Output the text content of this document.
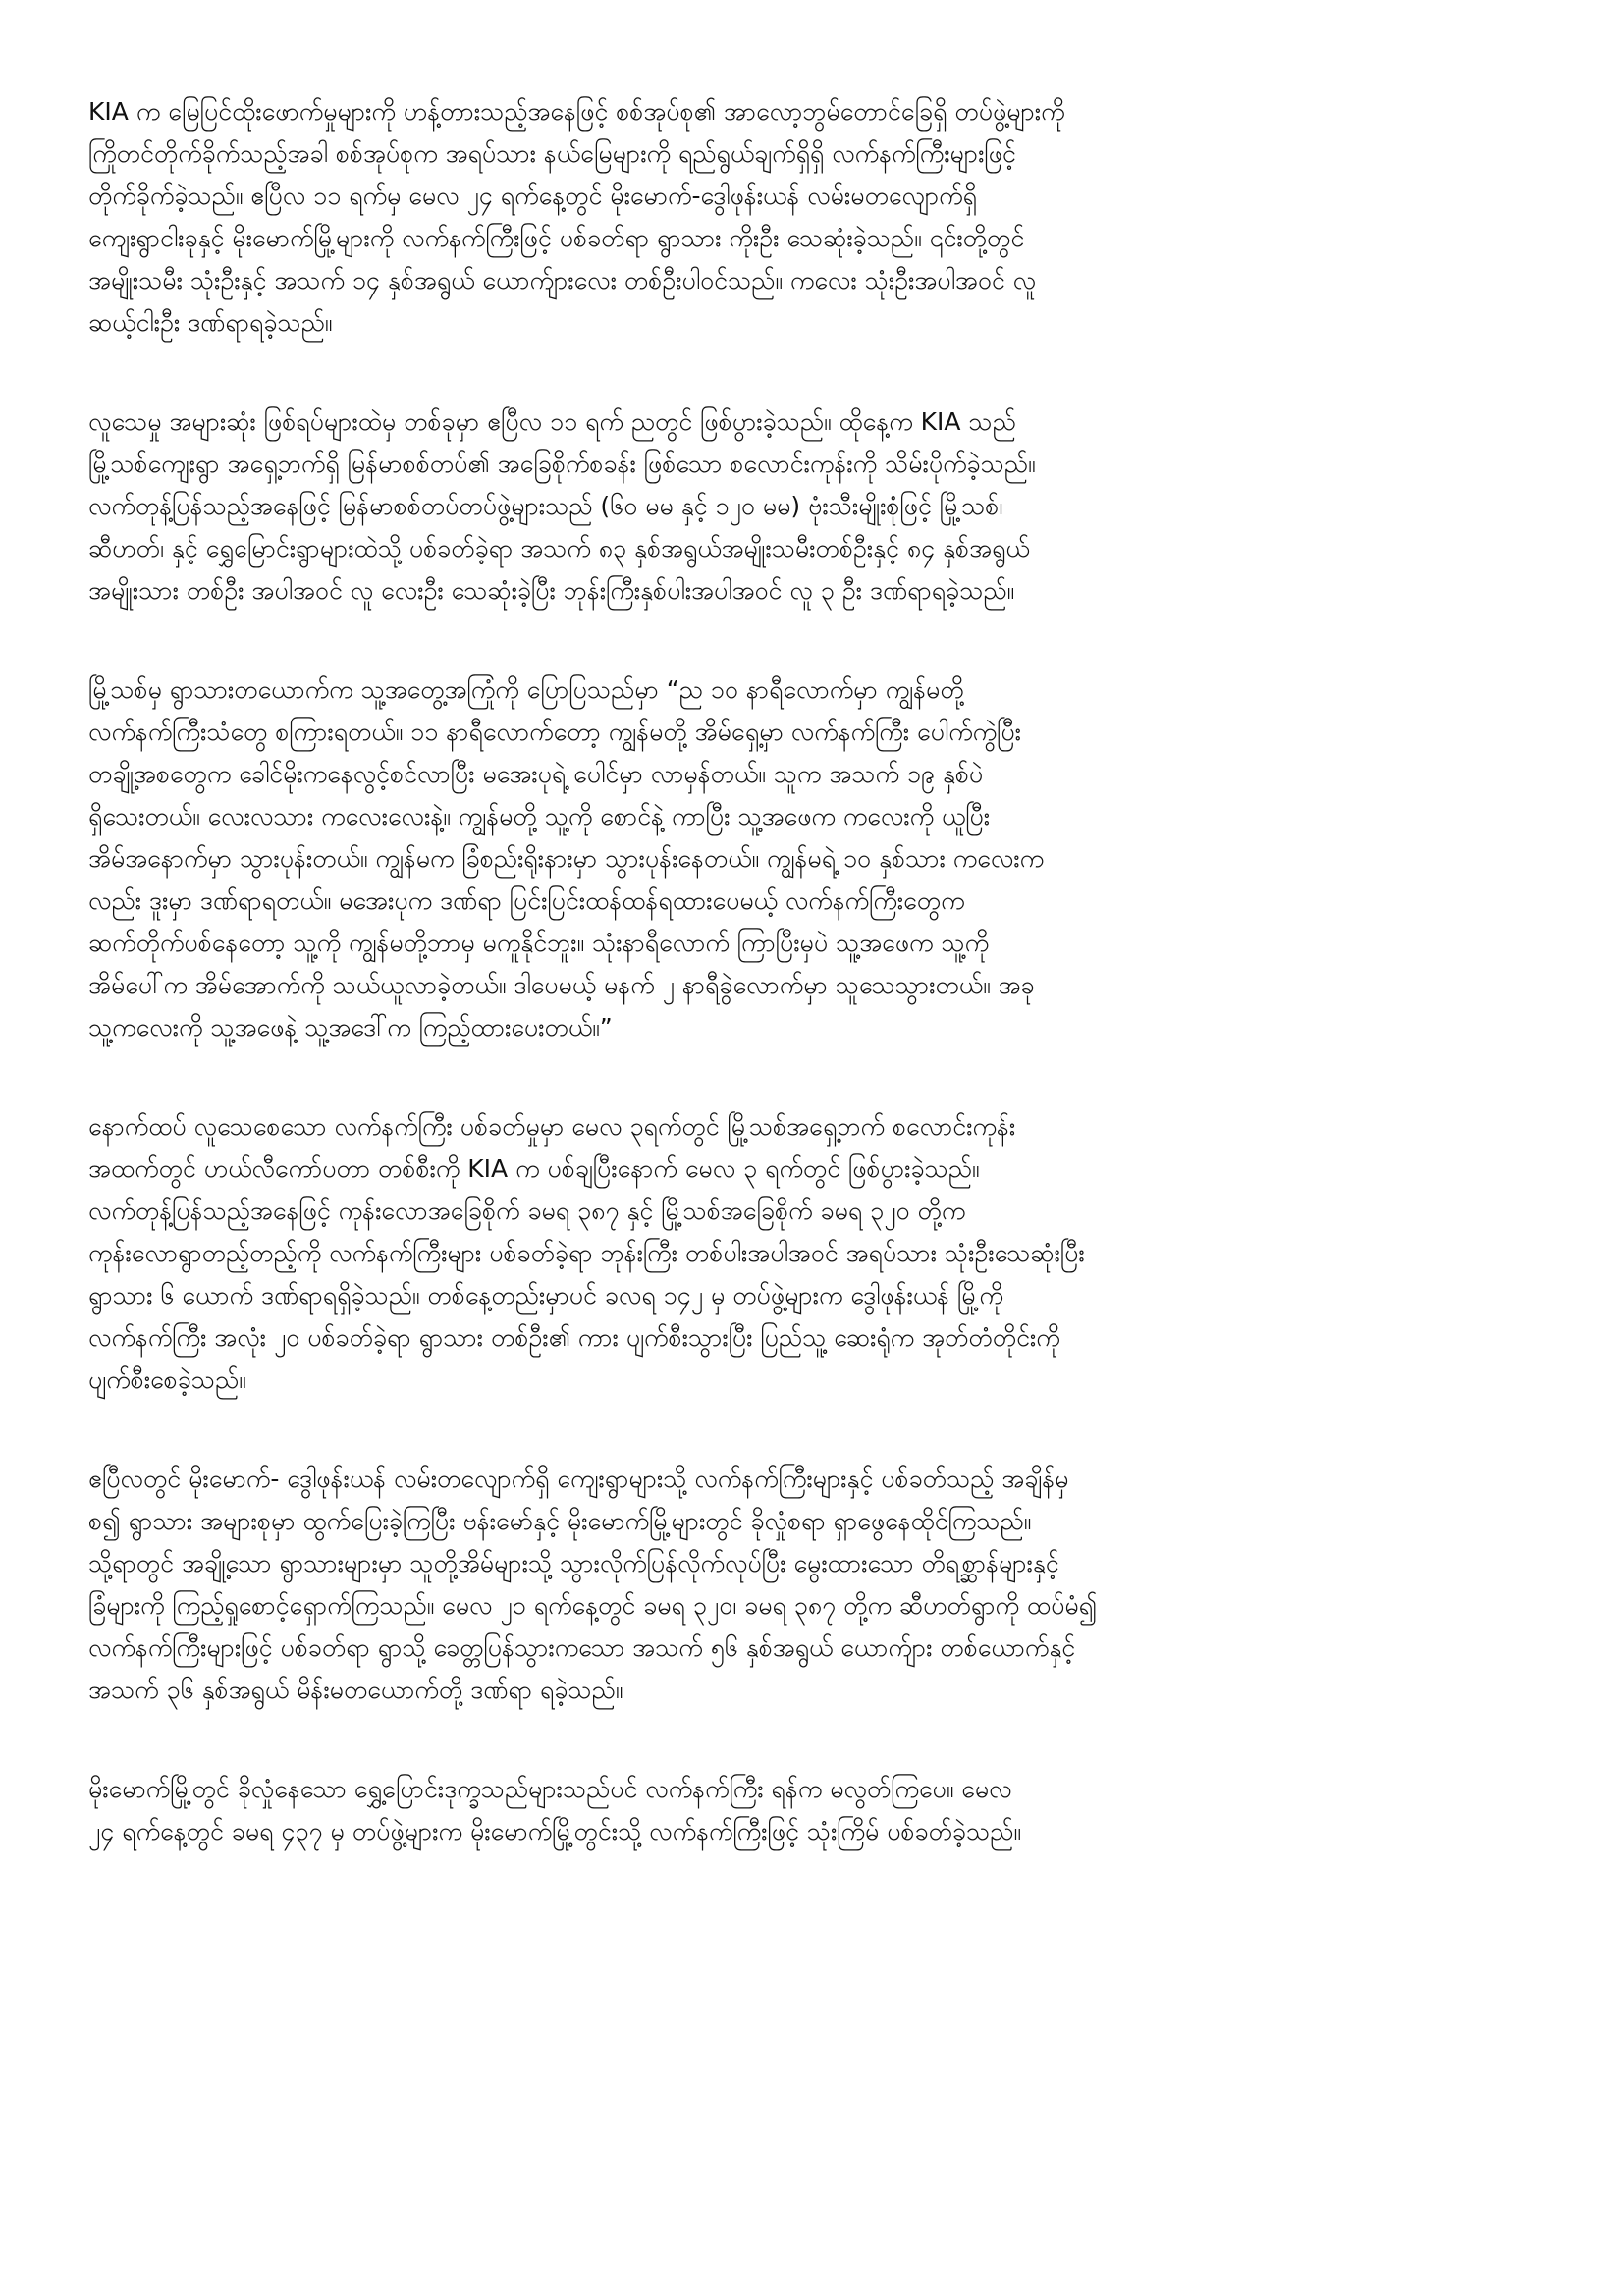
KIA က မြေပြင်ထိုးဖောက်မှုများကို ဟန့်တားသည့်အနေဖြင့် စစ်အုပ်စု၏ အာလော့ဘွမ်တောင်ခြေရှိ တပ်ဖွဲ့များကို
ကြိုတင်တိုက်ခိုက်သည့်အခါ စစ်အုပ်စုက အရပ်သား နယ်မြေများကို ရည်ရွယ်ချက်ရှိရှိ လက်နက်ကြီးများဖြင့်
တိုက်ခိုက်ခဲ့သည်။ ဧပြီလ ၁၁ ရက်မှ မေလ ၂၄ ရက်နေ့တွင် မိုးမောက်-ဒွေါဖုန်းယန် လမ်းမတလျောက်ရှိ
ကျေးရွာငါးခုနှင့် မိုးမောက်မြို့များကို လက်နက်ကြီးဖြင့် ပစ်ခတ်ရာ ရွာသား ကိုးဦး သေဆုံးခဲ့သည်။ ၎င်းတို့တွင်
အမျိုးသမီး သုံးဦးနှင့် အသက် ၁၄ နှစ်အရွယ် ယောက်ျားလေး တစ်ဦးပါဝင်သည်။ ကလေး သုံးဦးအပါအဝင် လူ
ဆယ့်ငါးဦး ဒဏ်ရာရခဲ့သည်။

လူသေမှု အများဆုံး ဖြစ်ရပ်များထဲမှ တစ်ခုမှာ ဧပြီလ ၁၁ ရက် ညတွင် ဖြစ်ပွားခဲ့သည်။ ထိုနေ့က KIA သည်
မြို့သစ်ကျေးရွာ အရှေ့ဘက်ရှိ မြန်မာစစ်တပ်၏ အခြေစိုက်စခန်း ဖြစ်သော စလောင်းကုန်းကို သိမ်းပိုက်ခဲ့သည်။
လက်တုန့်ပြန်သည့်အနေဖြင့် မြန်မာစစ်တပ်တပ်ဖွဲ့များသည် (၆၀ မမ နှင့် ၁၂၀ မမ) ဗုံးသီးမျိုးစုံဖြင့် မြို့သစ်၊
ဆီဟတ်၊ နှင့် ရွှေမြောင်းရွာများထဲသို့ ပစ်ခတ်ခဲ့ရာ အသက် ၈၃ နှစ်အရွယ်အမျိုးသမီးတစ်ဦးနှင့် ၈၄ နှစ်အရွယ်
အမျိုးသား တစ်ဦး အပါအဝင် လူ လေးဦး သေဆုံးခဲ့ပြီး ဘုန်းကြီးနှစ်ပါးအပါအဝင် လူ ၃ ဦး ဒဏ်ရာရခဲ့သည်။

မြို့သစ်မှ ရွာသားတယောက်က သူ့အတွေ့အကြုံကို ပြောပြသည်မှာ “ည ၁၀ နာရီလောက်မှာ ကျွန်မတို့
လက်နက်ကြီးသံတွေ စကြားရတယ်။ ၁၁ နာရီလောက်တော့ ကျွန်မတို့ အိမ်ရှေ့မှာ လက်နက်ကြီး ပေါက်ကွဲပြီး
တချို့အစတွေက ခေါင်မိုးကနေလွင့်စင်လာပြီး မအေးပုရဲ့ ပေါင်မှာ လာမှန်တယ်။ သူက အသက် ၁၉ နှစ်ပဲ
ရှိသေးတယ်။ လေးလသား ကလေးလေးနဲ့။ ကျွန်မတို့ သူ့ကို စောင်နဲ့ ကာပြီး သူ့အဖေက ကလေးကို ယူပြီး
အိမ်အနောက်မှာ သွားပုန်းတယ်။ ကျွန်မက ခြံစည်းရိုးနားမှာ သွားပုန်းနေတယ်။ ကျွန်မရဲ့ ၁၀ နှစ်သား ကလေးက
လည်း ဒူးမှာ ဒဏ်ရာရတယ်။ မအေးပုက ဒဏ်ရာ ပြင်းပြင်းထန်ထန်ရထားပေမယ့် လက်နက်ကြီးတွေက
ဆက်တိုက်ပစ်နေတော့ သူ့ကို ကျွန်မတို့ဘာမှ မကူနိုင်ဘူး။ သုံးနာရီလောက် ကြာပြီးမှပဲ သူ့အဖေက သူ့ကို
အိမ်ပေါ်က အိမ်အောက်ကို သယ်ယူလာခဲ့တယ်။ ဒါပေမယ့် မနက် ၂ နာရီခွဲလောက်မှာ သူသေသွားတယ်။ အခု
သူ့ကလေးကို သူ့အဖေနဲ့ သူ့အဒေါ်က ကြည့်ထားပေးတယ်။”

နောက်ထပ် လူသေစေသော လက်နက်ကြီး ပစ်ခတ်မှုမှာ မေလ ၃ရက်တွင် မြို့သစ်အရှေ့ဘက် စလောင်းကုန်း
အထက်တွင် ဟယ်လီကော်ပတာ တစ်စီးကို KIA က ပစ်ချပြီးနောက် မေလ ၃ ရက်တွင် ဖြစ်ပွားခဲ့သည်။
လက်တုန့်ပြန်သည့်အနေဖြင့် ကုန်းလောအခြေစိုက် ခမရ ၃၈၇ နှင့် မြို့သစ်အခြေစိုက် ခမရ ၃၂၀ တို့က
ကုန်းလောရွာတည့်တည့်ကို လက်နက်ကြီးများ ပစ်ခတ်ခဲ့ရာ ဘုန်းကြီး တစ်ပါးအပါအဝင် အရပ်သား သုံးဦးသေဆုံးပြီး
ရွာသား ၆ ယောက် ဒဏ်ရာရရှိခဲ့သည်။ တစ်နေ့တည်းမှာပင် ခလရ ၁၄၂ မှ တပ်ဖွဲ့များက ဒွေါဖုန်းယန် မြို့ကို
လက်နက်ကြီး အလုံး ၂၀ ပစ်ခတ်ခဲ့ရာ ရွာသား တစ်ဦး၏ ကား ပျက်စီးသွားပြီး ပြည်သူ့ ဆေးရုံက အုတ်တံတိုင်းကို
ပျက်စီးစေခဲ့သည်။

ဧပြီလတွင် မိုးမောက်- ဒွေါဖုန်းယန် လမ်းတလျောက်ရှိ ကျေးရွာများသို့ လက်နက်ကြီးများနှင့် ပစ်ခတ်သည့် အချိန်မှ
စ၍ ရွာသား အများစုမှာ ထွက်ပြေးခဲ့ကြပြီး ဗန်းမော်နှင့် မိုးမောက်မြို့များတွင် ခိုလှုံစရာ ရှာဖွေနေထိုင်ကြသည်။
သို့ရာတွင် အချို့သော ရွာသားများမှာ သူတို့အိမ်များသို့ သွားလိုက်ပြန်လိုက်လုပ်ပြီး မွေးထားသော တိရစ္ဆာန်များနှင့်
ခြံများကို ကြည့်ရှုစောင့်ရှောက်ကြသည်။ မေလ ၂၁ ရက်နေ့တွင် ခမရ ၃၂၀၊ ခမရ ၃၈၇ တို့က ဆီဟတ်ရွာကို ထပ်မံ၍
လက်နက်ကြီးများဖြင့် ပစ်ခတ်ရာ ရွာသို့ ခေတ္တပြန်သွားကသော အသက် ၅၆ နှစ်အရွယ် ယောက်ျား တစ်ယောက်နှင့်
အသက် ၃၆ နှစ်အရွယ် မိန်းမတယောက်တို့ ဒဏ်ရာ ရခဲ့သည်။

မိုးမောက်မြို့တွင် ခိုလှုံနေသော ရွှေ့ပြောင်းဒုက္ခသည်များသည်ပင် လက်နက်ကြီး ရန်က မလွတ်ကြပေ။ မေလ
၂၄ ရက်နေ့တွင် ခမရ ၄၃၇ မှ တပ်ဖွဲ့များက မိုးမောက်မြို့တွင်းသို့ လက်နက်ကြီးဖြင့် သုံးကြိမ် ပစ်ခတ်ခဲ့သည်။
